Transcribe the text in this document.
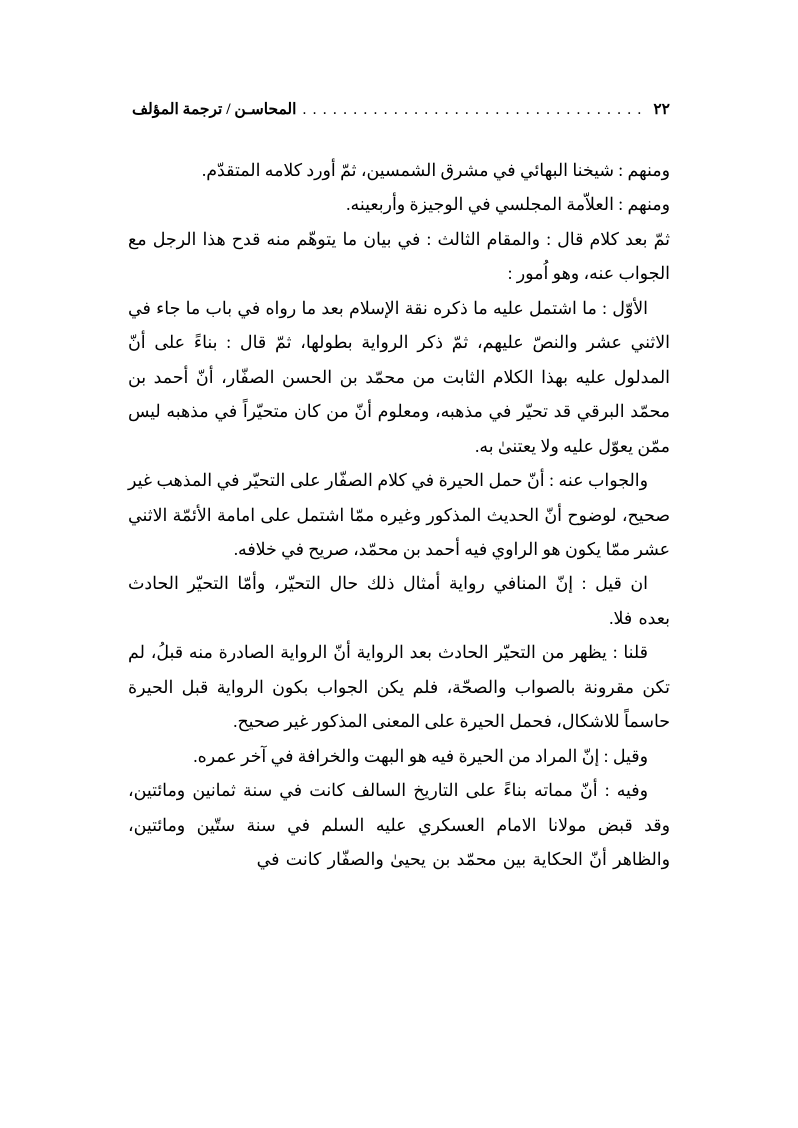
المحاسـن / ترجمة المؤلف . . . . . . . . . . . . . . . . . . . . . . . . . . . . . . . . . . ٢٢

ومنهم : شيخنا البهائي في مشرق الشمسين، ثمّ أورد كلامه المتقدّم.

ومنهم : العلاّمة المجلسي في الوجيزة وأربعينه.

ثمّ بعد كلام قال : والمقام الثالث : في بيان ما يتوهّم منه قدح هذا الرجل مع الجواب عنه، وهو اُمور :

الأوّل : ما اشتمل عليه ما ذكره نقة الإسلام بعد ما رواه في باب ما جاء في الاثني عشر والنصّ عليهم، ثمّ ذكر الرواية بطولها، ثمّ قال : بناءً على أنّ المدلول عليه بهذا الكلام الثابت من محمّد بن الحسن الصفّار، أنّ أحمد بن محمّد البرقي قد تحيّر في مذهبه، ومعلوم أنّ من كان متحيّراً في مذهبه ليس ممّن يعوّل عليه ولا يعتنىٰ به.

والجواب عنه : أنّ حمل الحيرة في كلام الصفّار على التحيّر في المذهب غير صحيح، لوضوح أنّ الحديث المذكور وغيره ممّا اشتمل على امامة الأئمّة الاثني عشر ممّا يكون هو الراوي فيه أحمد بن محمّد، صريح في خلافه.

ان قيل : إنّ المنافي رواية أمثال ذلك حال التحيّر، وأمّا التحيّر الحادث بعده فلا.

قلنا : يظهر من التحيّر الحادث بعد الرواية أنّ الرواية الصادرة منه قبلُ، لم تكن مقرونة بالصواب والصحّة، فلم يكن الجواب بكون الرواية قبل الحيرة حاسماً للاشكال، فحمل الحيرة على المعنى المذكور غير صحيح.

وقيل : إنّ المراد من الحيرة فيه هو البهت والخرافة في آخر عمره.

وفيه : أنّ مماته بناءً على التاريخ السالف كانت في سنة ثمانين ومائتين، وقد قبض مولانا الامام العسكري عليه السلم في سنة ستّين ومائتين، والظاهر أنّ الحكاية بين محمّد بن يحيىٰ والصفّار كانت في
